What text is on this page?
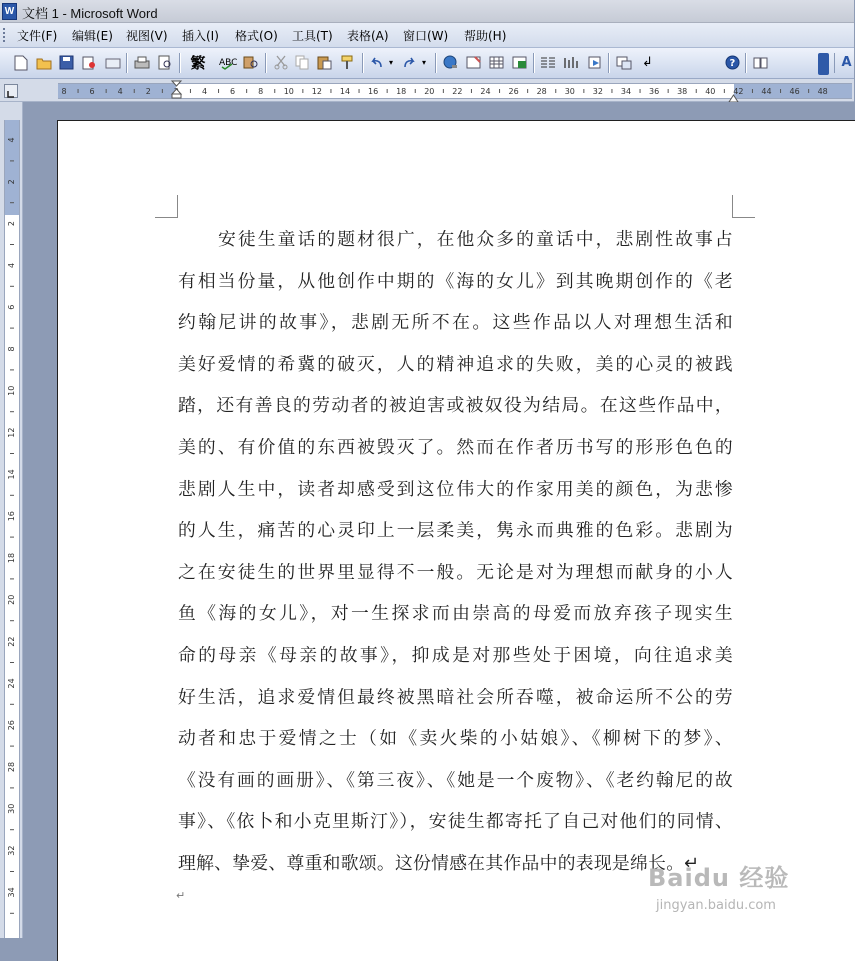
W 文档 1 - Microsoft Word
文件(F) 编辑(E) 视图(V) 插入(I) 格式(O) 工具(T) 表格(A) 窗口(W) 帮助(H)
繁	ABC	▾	▾	↲	?	A
8	6	4	2	4	6	8	10 12 14 16 18 20 22 24 26 28 30 32 34 36 38 40 42 44 46 48
4
2
2
4
6
8
10
12
14
16
18
20
22
24
26
28
30
32
34
安徒生童话的题材很广，在他众多的童话中，悲剧性故事占
有相当份量，从他创作中期的《海的女儿》到其晚期创作的《老
约翰尼讲的故事》，悲剧无所不在。这些作品以人对理想生活和
美好爱情的希冀的破灭，人的精神追求的失败，美的心灵的被践
踏，还有善良的劳动者的被迫害或被奴役为结局。在这些作品中，
美的、有价值的东西被毁灭了。然而在作者历书写的形形色色的
悲剧人生中，读者却感受到这位伟大的作家用美的颜色，为悲惨
的人生，痛苦的心灵印上一层柔美，隽永而典雅的色彩。悲剧为
之在安徒生的世界里显得不一般。无论是对为理想而献身的小人
鱼《海的女儿》，对一生探求而由崇高的母爱而放弃孩子现实生
命的母亲《母亲的故事》，抑成是对那些处于困境，向往追求美
好生活，追求爱情但最终被黑暗社会所吞噬，被命运所不公的劳
动者和忠于爱情之士（如《卖火柴的小姑娘》、《柳树下的梦》、
《没有画的画册》、《第三夜》、《她是一个废物》、《老约翰尼的故
事》、《依卜和小克里斯汀》），安徒生都寄托了自己对他们的同情、
理解、挚爱、尊重和歌颂。这份情感在其作品中的表现是绵长。↵
↵
Baidu 经验
jingyan.baidu.com
